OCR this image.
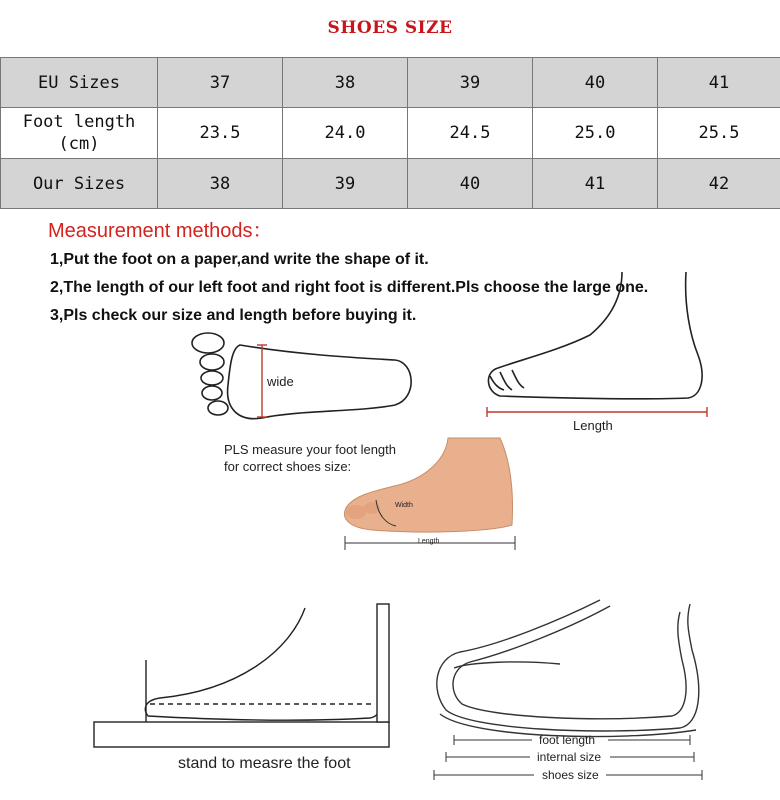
SHOES SIZE
EU Sizes	37	38	39	40	41
Foot length (cm)	23.5	24.0	24.5	25.0	25.5
Our Sizes	38	39	40	41	42
Measurement methods：
1,Put the foot on a paper,and write the shape of it.
2,The length of our left foot and right foot is different.Pls choose the large one.
3,Pls check our size and length before buying it.
wide
Length
PLS measure your foot length
for correct shoes size:
Width
Length
stand to measre the foot
foot length
internal size
shoes size
